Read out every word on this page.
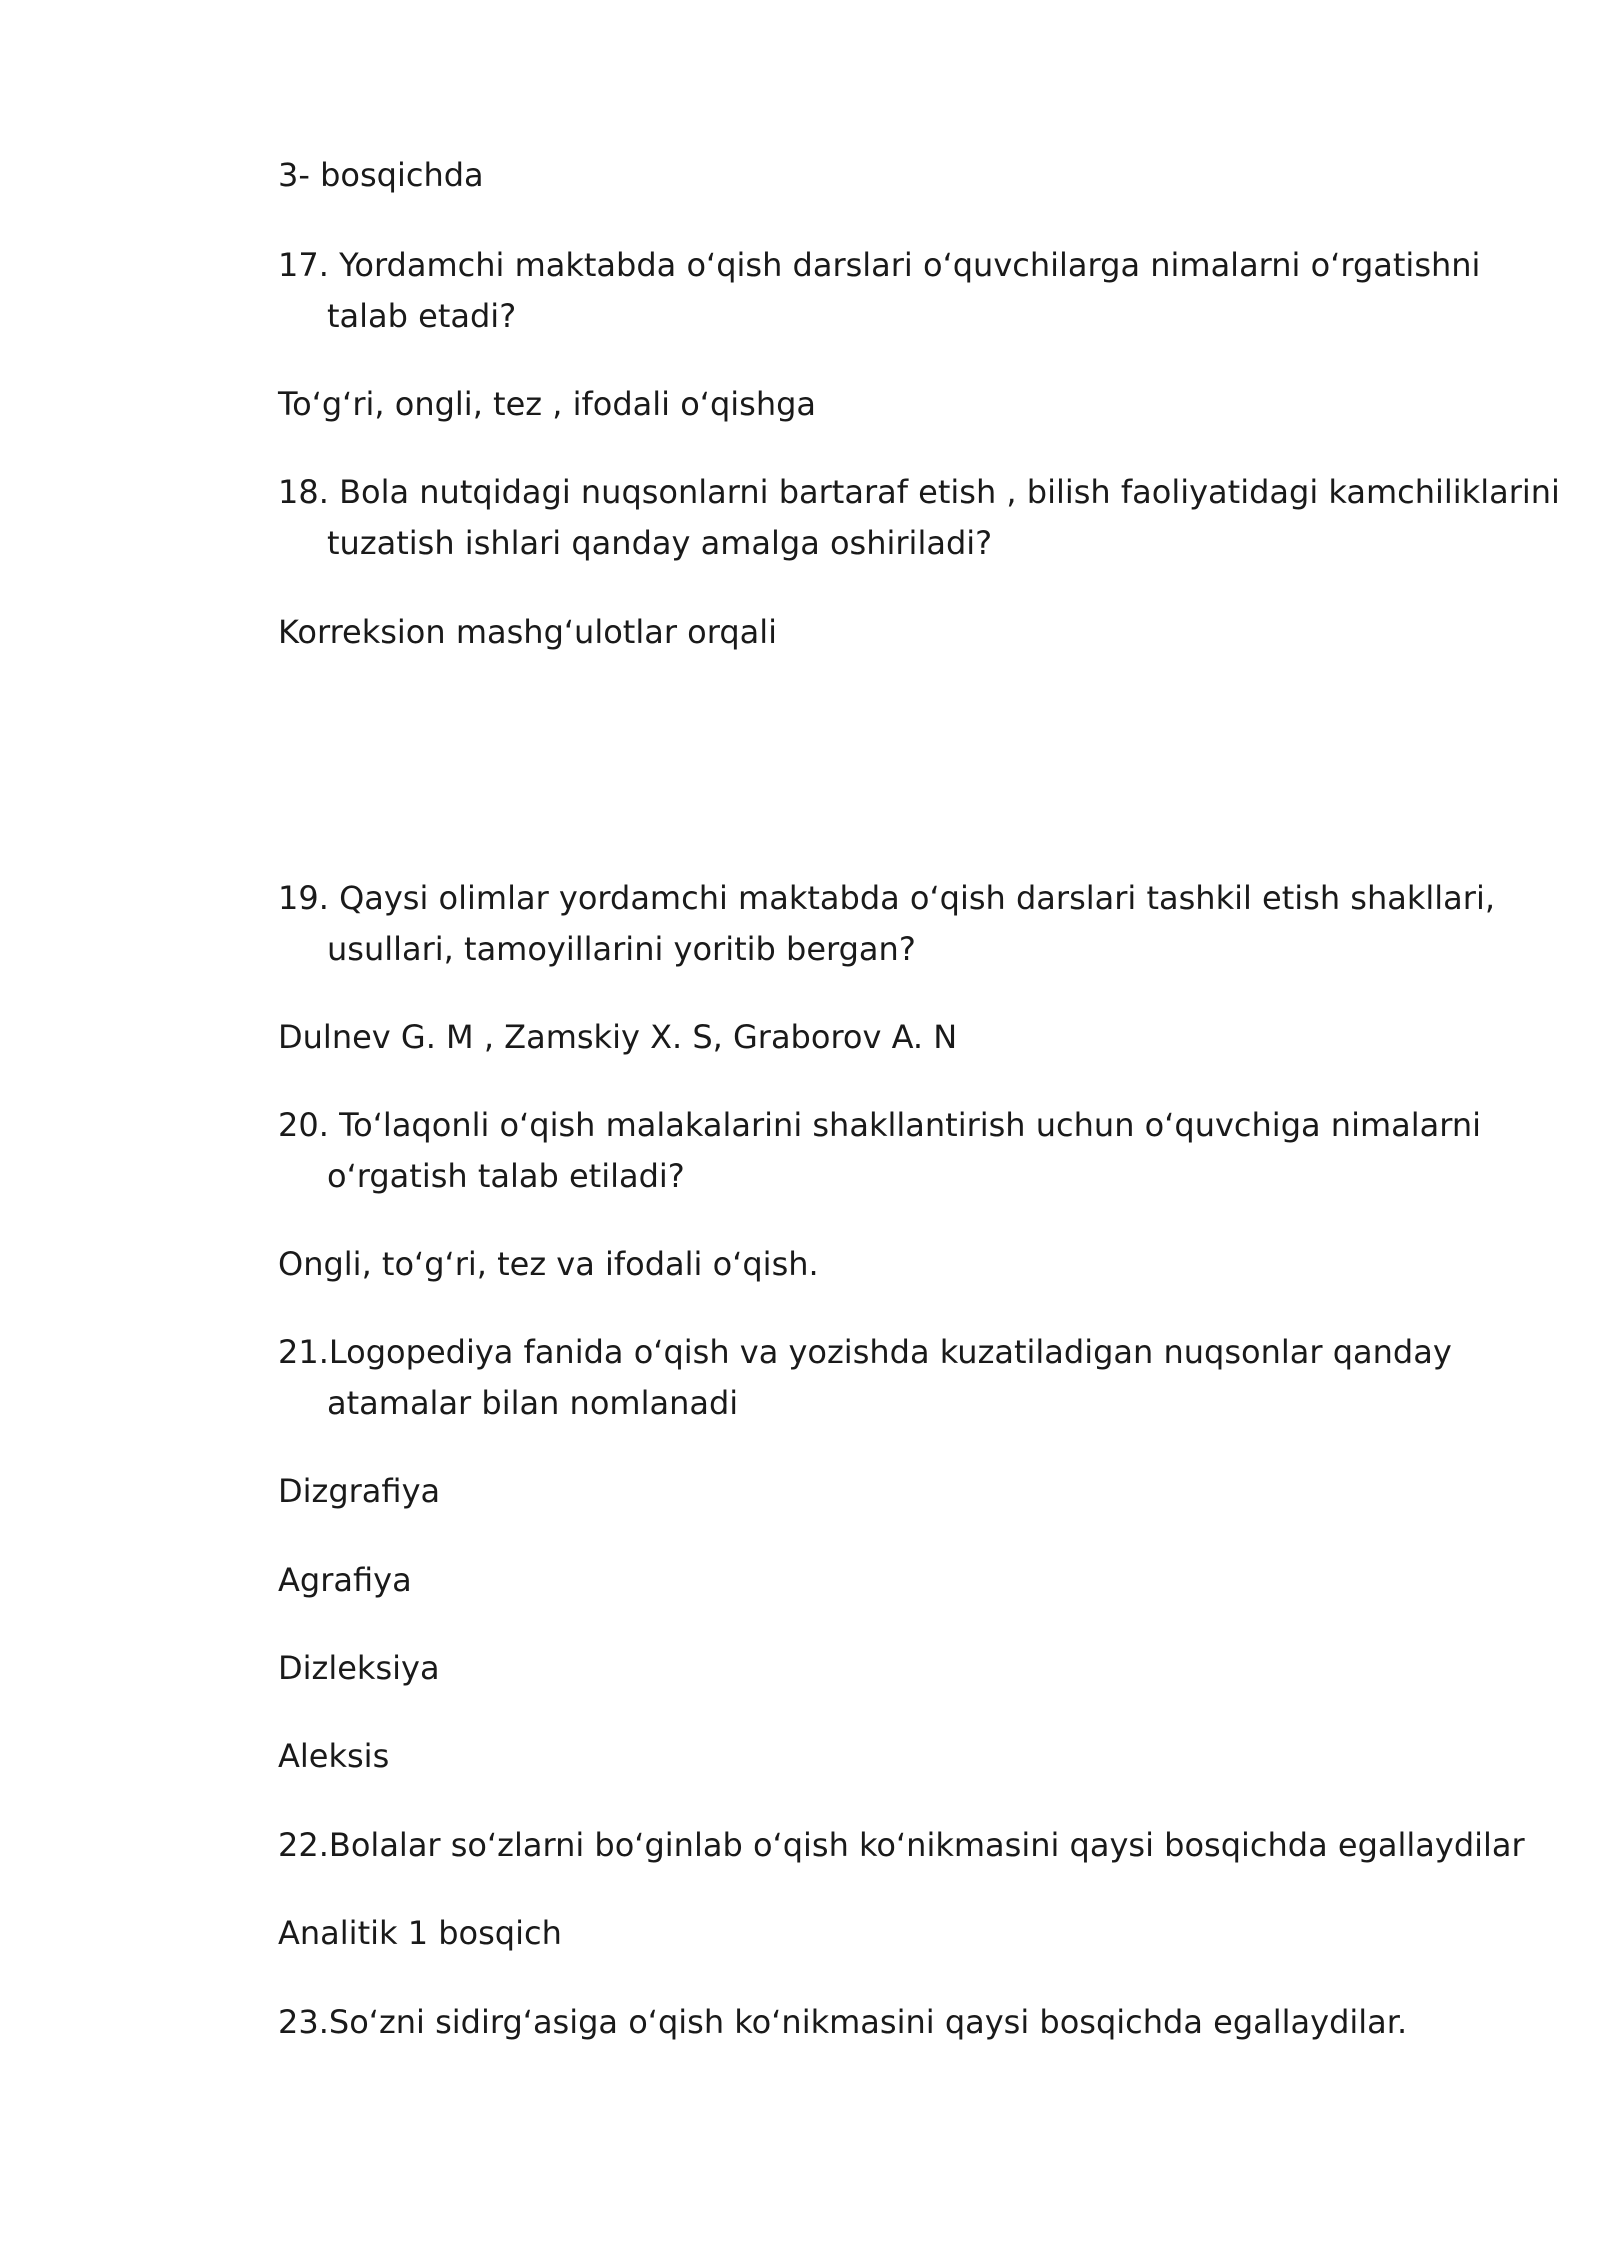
3- bosqichda
17. Yordamchi maktabda o‘qish darslari o‘quvchilarga nimalarni o‘rgatishni
talab etadi?
To‘g‘ri, ongli, tez , ifodali o‘qishga
18. Bola nutqidagi nuqsonlarni bartaraf etish , bilish faoliyatidagi kamchiliklarini
tuzatish ishlari qanday amalga oshiriladi?
Korreksion mashg‘ulotlar orqali
19. Qaysi olimlar yordamchi maktabda o‘qish darslari tashkil etish shakllari,
usullari, tamoyillarini yoritib bergan?
Dulnev G. M , Zamskiy X. S, Graborov A. N
20. To‘laqonli o‘qish malakalarini shakllantirish uchun o‘quvchiga nimalarni
o‘rgatish talab etiladi?
Ongli, to‘g‘ri, tez va ifodali o‘qish.
21.Logopediya fanida o‘qish va yozishda kuzatiladigan nuqsonlar qanday
atamalar bilan nomlanadi
Dizgrafiya
Agrafiya
Dizleksiya
Aleksis
22.Bolalar so‘zlarni bo‘ginlab o‘qish ko‘nikmasini qaysi bosqichda egallaydilar
Analitik 1 bosqich
23.So‘zni sidirg‘asiga o‘qish ko‘nikmasini qaysi bosqichda egallaydilar.
